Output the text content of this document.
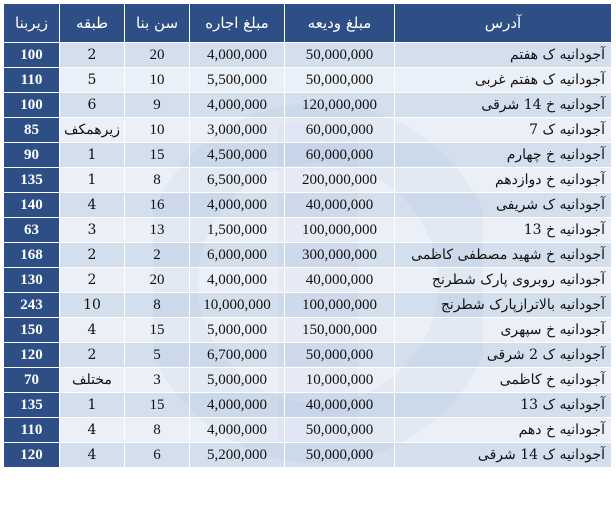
آدرس	مبلغ ودیعه	مبلغ اجاره	سن بنا	طبقه	زیربنا
آجودانیه ک هفتم	50,000,000	4,000,000	20	2	100
آجودانیه ک هفتم غربی	50,000,000	5,500,000	10	5	110
آجودانیه خ 14 شرقی	120,000,000	4,000,000	9	6	100
آجودانیه ک 7	60,000,000	3,000,000	10	زیرهمکف	85
آجودانیه خ چهارم	60,000,000	4,500,000	15	1	90
آجودانیه خ دوازدهم	200,000,000	6,500,000	8	1	135
آجودانیه ک شریفی	40,000,000	4,000,000	16	4	140
آجودانیه خ 13	100,000,000	1,500,000	13	3	63
آجودانیه خ شهید مصطفی کاظمی	300,000,000	6,000,000	2	2	168
آجودانیه روبروی پارک شطرنج	40,000,000	4,000,000	20	2	130
آجودانیه بالاترازپارک شطرنج	100,000,000	10,000,000	8	10	243
آجودانیه خ سپهری	150,000,000	5,000,000	15	4	150
آجودانیه ک 2 شرقی	50,000,000	6,700,000	5	2	120
آجودانیه خ کاظمی	10,000,000	5,000,000	3	مختلف	70
آجودانیه ک 13	40,000,000	4,000,000	15	1	135
آجودانیه خ دهم	50,000,000	4,000,000	8	4	110
آجودانیه ک 14 شرقی	50,000,000	5,200,000	6	4	120
